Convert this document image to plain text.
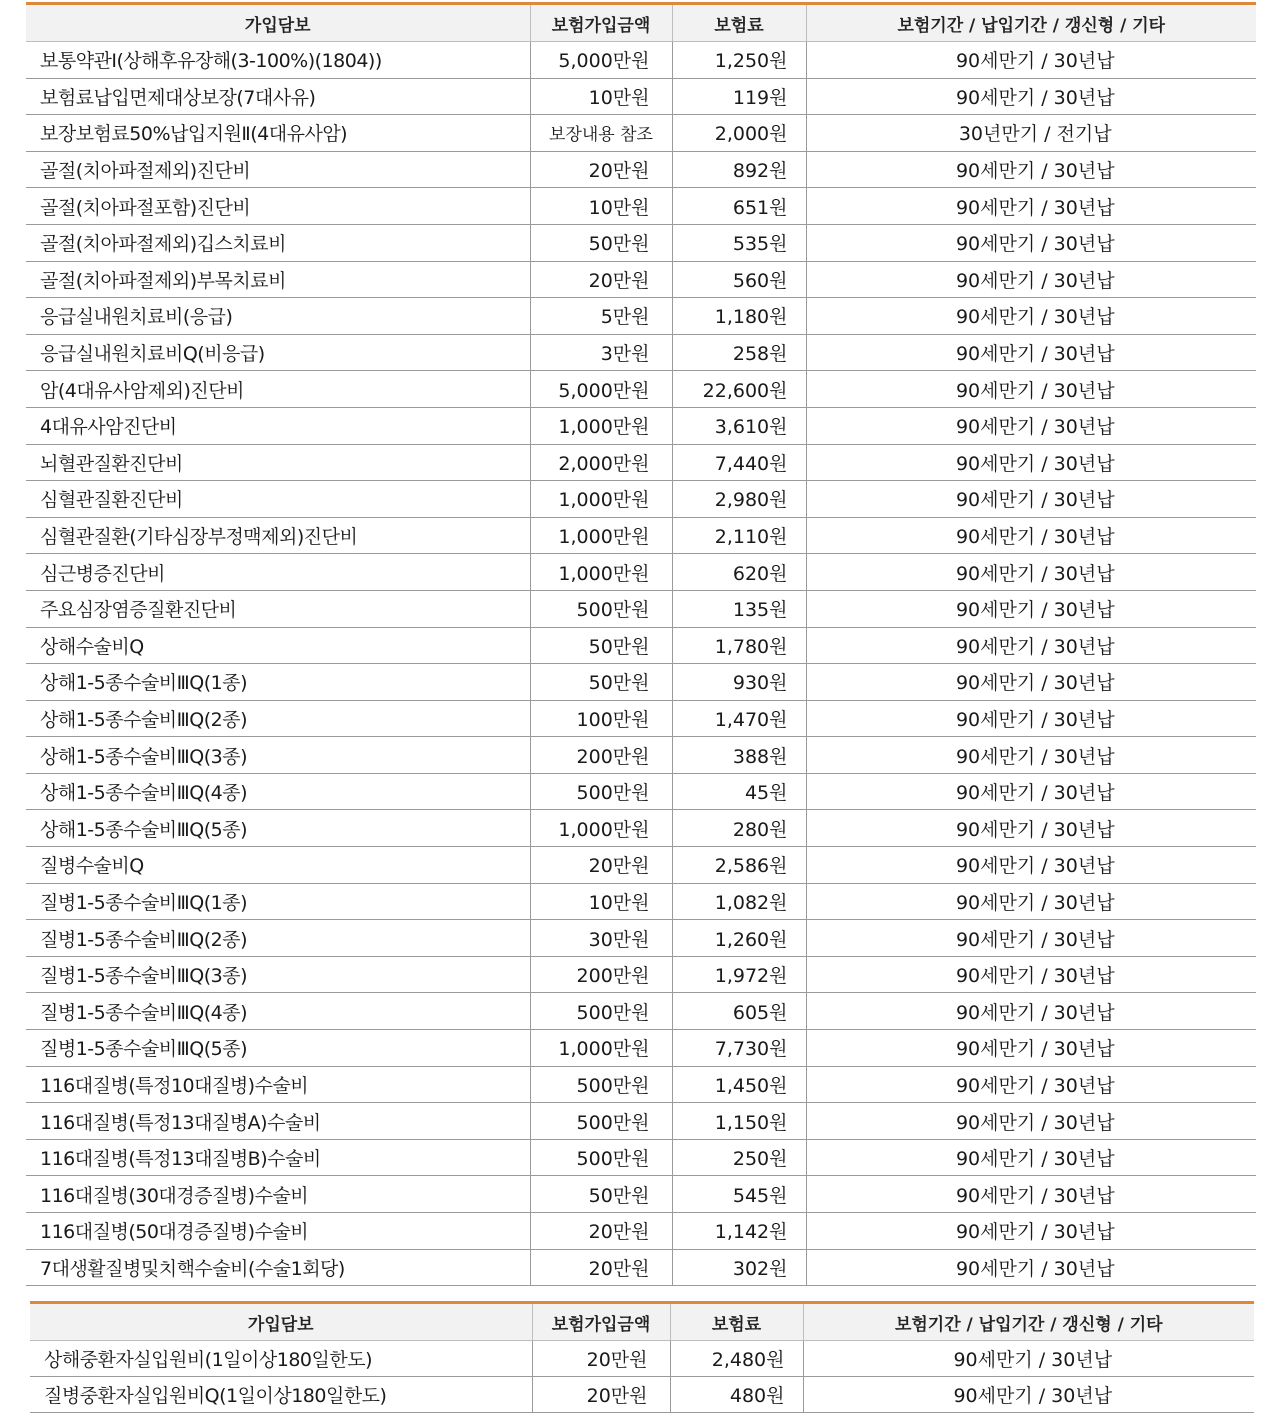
가입담보	보험가입금액	보험료	보험기간 / 납입기간 / 갱신형 / 기타
보통약관Ⅰ(상해후유장해(3-100%)(1804))	5,000만원	1,250원	90세만기 / 30년납
보험료납입면제대상보장(7대사유)	10만원	119원	90세만기 / 30년납
보장보험료50%납입지원Ⅱ(4대유사암)	보장내용 참조	2,000원	30년만기 / 전기납
골절(치아파절제외)진단비	20만원	892원	90세만기 / 30년납
골절(치아파절포함)진단비	10만원	651원	90세만기 / 30년납
골절(치아파절제외)깁스치료비	50만원	535원	90세만기 / 30년납
골절(치아파절제외)부목치료비	20만원	560원	90세만기 / 30년납
응급실내원치료비(응급)	5만원	1,180원	90세만기 / 30년납
응급실내원치료비Q(비응급)	3만원	258원	90세만기 / 30년납
암(4대유사암제외)진단비	5,000만원	22,600원	90세만기 / 30년납
4대유사암진단비	1,000만원	3,610원	90세만기 / 30년납
뇌혈관질환진단비	2,000만원	7,440원	90세만기 / 30년납
심혈관질환진단비	1,000만원	2,980원	90세만기 / 30년납
심혈관질환(기타심장부정맥제외)진단비	1,000만원	2,110원	90세만기 / 30년납
심근병증진단비	1,000만원	620원	90세만기 / 30년납
주요심장염증질환진단비	500만원	135원	90세만기 / 30년납
상해수술비Q	50만원	1,780원	90세만기 / 30년납
상해1-5종수술비ⅢQ(1종)	50만원	930원	90세만기 / 30년납
상해1-5종수술비ⅢQ(2종)	100만원	1,470원	90세만기 / 30년납
상해1-5종수술비ⅢQ(3종)	200만원	388원	90세만기 / 30년납
상해1-5종수술비ⅢQ(4종)	500만원	45원	90세만기 / 30년납
상해1-5종수술비ⅢQ(5종)	1,000만원	280원	90세만기 / 30년납
질병수술비Q	20만원	2,586원	90세만기 / 30년납
질병1-5종수술비ⅢQ(1종)	10만원	1,082원	90세만기 / 30년납
질병1-5종수술비ⅢQ(2종)	30만원	1,260원	90세만기 / 30년납
질병1-5종수술비ⅢQ(3종)	200만원	1,972원	90세만기 / 30년납
질병1-5종수술비ⅢQ(4종)	500만원	605원	90세만기 / 30년납
질병1-5종수술비ⅢQ(5종)	1,000만원	7,730원	90세만기 / 30년납
116대질병(특정10대질병)수술비	500만원	1,450원	90세만기 / 30년납
116대질병(특정13대질병A)수술비	500만원	1,150원	90세만기 / 30년납
116대질병(특정13대질병B)수술비	500만원	250원	90세만기 / 30년납
116대질병(30대경증질병)수술비	50만원	545원	90세만기 / 30년납
116대질병(50대경증질병)수술비	20만원	1,142원	90세만기 / 30년납
7대생활질병및치핵수술비(수술1회당)	20만원	302원	90세만기 / 30년납
가입담보	보험가입금액	보험료	보험기간 / 납입기간 / 갱신형 / 기타
상해중환자실입원비(1일이상180일한도)	20만원	2,480원	90세만기 / 30년납
질병중환자실입원비Q(1일이상180일한도)	20만원	480원	90세만기 / 30년납
